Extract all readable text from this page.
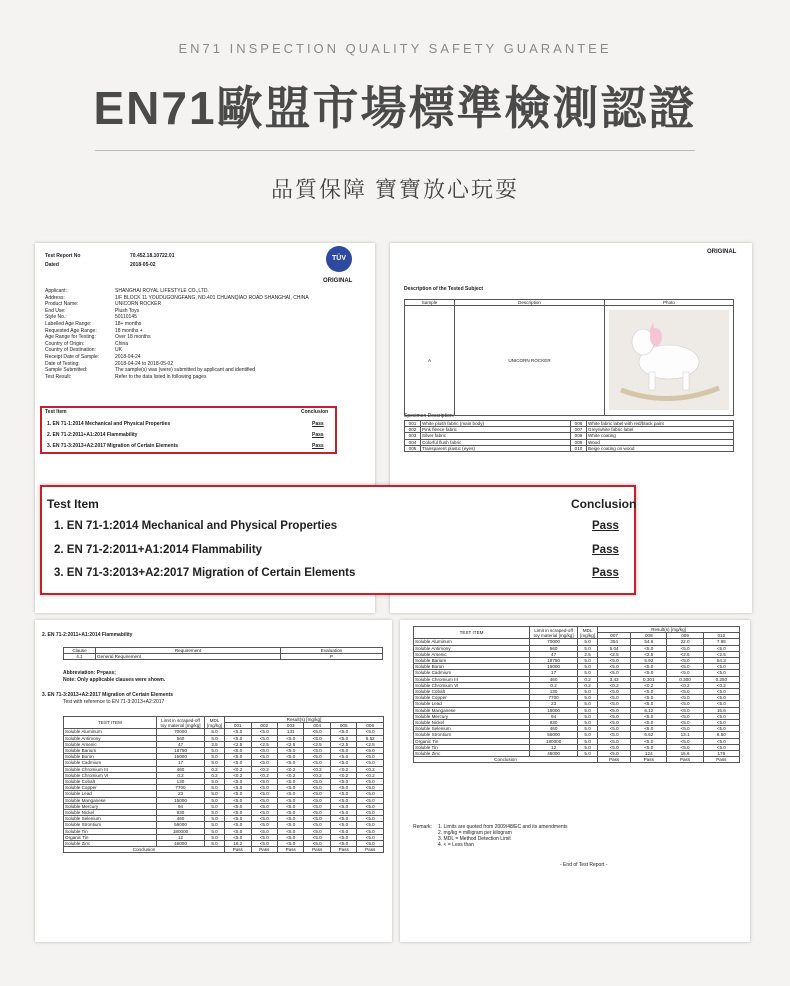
EN71 INSPECTION QUALITY SAFETY GUARANTEE
EN71歐盟市場標準檢測認證
品質保障 寶寶放心玩耍
Test Report No	70.452.18.10722.01
Dated	2018-05-02
TÜV
ORIGINAL
Applicant:	SHANGHAI ROYAL LIFESTYLE CO.,LTD.
Address:	1/F BLOCK 11 YOUDUGONGFANG, NO.401 CHUANQIAO ROAD SHANGHAI, CHINA
Product Name:	UNICORN ROCKER
End Use:	Plush Toys
Style No.:	50110145
Labelled Age Range:	18+ months
Requested Age Range:	18 months +
Age Range for Testing:	Over 18 months
Country of Origin:	China
Country of Destination:	UK
Receipt Date of Sample:	2018-04-24
Date of Testing:	2018-04-24 to 2018-05-02
Sample Submitted:	The sample(s) was (were) submitted by applicant and identified
Test Result:	Refer to the data listed in following pages
Test Item	Conclusion
1. EN 71-1:2014 Mechanical and Physical Properties	Pass
2. EN 71-2:2011+A1:2014 Flammability	Pass
3. EN 71-3:2013+A2:2017 Migration of Certain Elements	Pass
ORIGINAL
Description of the Tested Subject
Sample	Description	Photo
A	UNICORN ROCKER	
Specimen Description:
001	White plush fabric (main body)	006	White fabric label with red/black paint
002	Pink fleece fabric	007	Grey/white fabric label
003	Silver fabric	008	White coating
004	Colorful flush fabric	009	Wood
005	Transparent plastic (eyes)	010	Beige coating on wood
2. EN 71-2:2011+A1:2014 Flammability
Clause	Requirement	Evaluation
4.1	General Requirement	P
Abbreviation: P=pass;
Note: Only applicable clauses were shown.
3. EN 71-3:2013+A2:2017 Migration of Certain Elements
Test with reference to EN 71-3:2013+A2:2017
TEST ITEM	Limit in scraped-off toy material [mg/kg]	MDL [mg/kg]	Result(s) [mg/kg]					
			001	002	003	004	005	006
Soluble Aluminum	70000	5.0	<5.0	<5.0	131	<5.0	<5.0	<5.0
Soluble Antimony	560	5.0	<5.0	<5.0	<5.0	<5.0	<5.0	5.52
Soluble Arsenic	47	2.5	<2.5	<2.5	<2.5	<2.5	<2.5	<2.5
Soluble Barium	18750	5.0	<5.0	<5.0	<5.0	<5.0	<5.0	<5.0
Soluble Boron	15000	5.0	<5.0	<5.0	<5.0	<5.0	<5.0	<5.0
Soluble Cadmium	17	5.0	<5.0	<5.0	<5.0	<5.0	<5.0	<5.0
Soluble Chromium III	460	0.2	<0.2	<0.2	<0.2	<0.2	<0.2	<0.2
Soluble Chromium VI	0.2	0.2	<0.2	<0.2	<0.2	<0.2	<0.2	<0.2
Soluble Cobalt	130	5.0	<5.0	<5.0	<5.0	<5.0	<5.0	<5.0
Soluble Copper	7700	5.0	<5.0	<5.0	<5.0	<5.0	<5.0	<5.0
Soluble Lead	23	5.0	<5.0	<5.0	<5.0	<5.0	<5.0	<5.0
Soluble Manganese	15000	5.0	<5.0	<5.0	<5.0	<5.0	<5.0	<5.0
Soluble Mercury	94	5.0	<5.0	<5.0	<5.0	<5.0	<5.0	<5.0
Soluble Nickel	930	5.0	<5.0	<5.0	<5.0	<5.0	<5.0	<5.0
Soluble Selenium	460	5.0	<5.0	<5.0	<5.0	<5.0	<5.0	<5.0
Soluble Strontium	56000	5.0	<5.0	<5.0	<5.0	<5.0	<5.0	<5.0
Soluble Tin	180000	5.0	<5.0	<5.0	<5.0	<5.0	<5.0	<5.0
Organic Tin	12	5.0	<5.0	<5.0	<5.0	<5.0	<5.0	<5.0
Soluble Zinc	46000	5.0	16.2	<5.0	<5.0	<5.0	<5.0	<5.0
Conclusion			Pass	Pass	Pass	Pass	Pass	Pass
TEST ITEM	Limit in scraped-off toy material [mg/kg]	MDL [mg/kg]	Result(s) [mg/kg]			
			007	008	009	010
Soluble Aluminum	70000	5.0	354	54.6	22.0	7.95
Soluble Antimony	560	5.0	5.04	<5.0	<5.0	<5.0
Soluble Arsenic	47	2.5	<2.5	<2.5	<2.5	<2.5
Soluble Barium	18750	5.0	<5.0	5.92	<5.0	54.3
Soluble Boron	15000	5.0	<5.0	<5.0	<5.0	<5.0
Soluble Cadmium	17	5.0	<5.0	<5.0	<5.0	<5.0
Soluble Chromium III	460	0.2	3.43	0.301	0.300	0.250
Soluble Chromium VI	0.2	0.2	<0.2	<0.2	<0.2	<0.2
Soluble Cobalt	130	5.0	<5.0	<5.0	<5.0	<5.0
Soluble Copper	7700	5.0	<5.0	<5.0	<5.0	<5.0
Soluble Lead	23	5.0	<5.0	<5.0	<5.0	<5.0
Soluble Manganese	15000	5.0	<5.0	6.12	<5.0	15.6
Soluble Mercury	94	5.0	<5.0	<5.0	<5.0	<5.0
Soluble Nickel	930	5.0	<5.0	<5.0	<5.0	<5.0
Soluble Selenium	460	5.0	<5.0	<5.0	<5.0	<5.0
Soluble Strontium	56000	5.0	<5.0	6.62	13.1	6.50
Organic Tin	180000	5.0	<5.0	<5.0	<5.0	<5.0
Soluble Tin	12	5.0	<5.0	<5.0	<5.0	<5.0
Soluble Zinc	46000	5.0	<5.0	124	15.6	176
Conclusion			Pass	Pass	Pass	Pass
Remark: 1. Limits are quoted from 2009/48/EC and its amendments
2. mg/kg = milligram per kilogram
3. MDL = Method Detection Limit
4. < = Less than
- End of Test Report -
Test Item	Conclusion
1. EN 71-1:2014 Mechanical and Physical Properties	Pass
2. EN 71-2:2011+A1:2014 Flammability	Pass
3. EN 71-3:2013+A2:2017 Migration of Certain Elements	Pass
